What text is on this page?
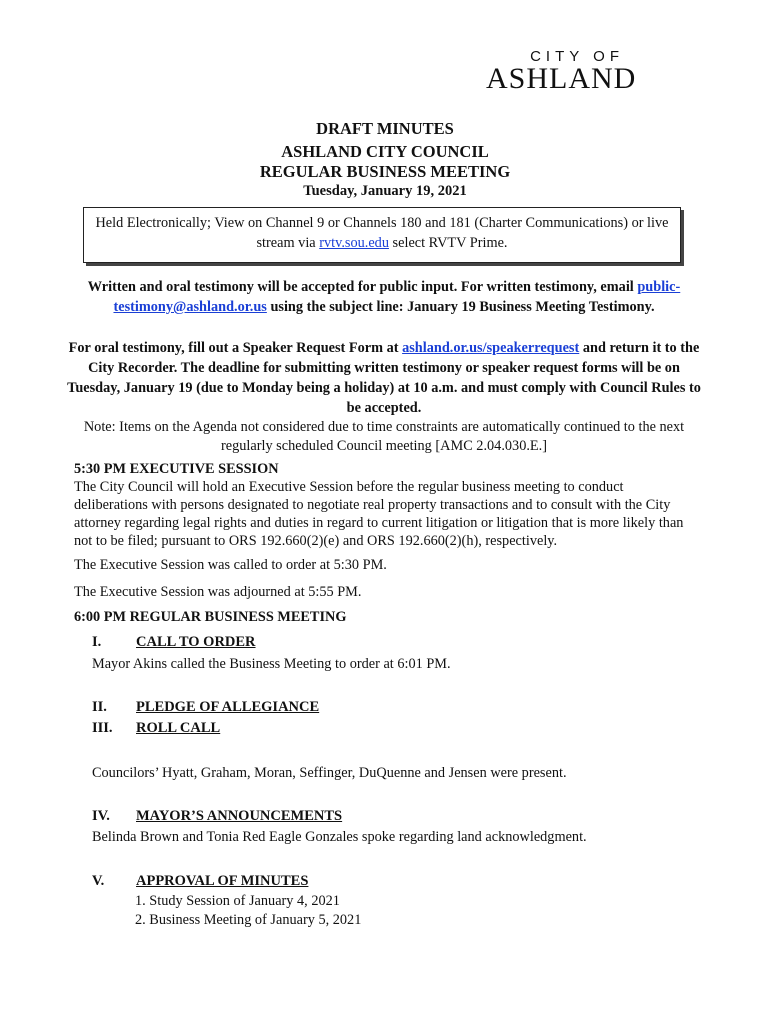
CITY OF
ASHLAND
DRAFT MINUTES
ASHLAND CITY COUNCIL
REGULAR BUSINESS MEETING
Tuesday, January 19, 2021
Held Electronically; View on Channel 9 or Channels 180 and 181 (Charter Communications) or live stream via rvtv.sou.edu select RVTV Prime.
Written and oral testimony will be accepted for public input. For written testimony, email public-testimony@ashland.or.us using the subject line: January 19 Business Meeting Testimony.
For oral testimony, fill out a Speaker Request Form at ashland.or.us/speakerrequest and return it to the City Recorder. The deadline for submitting written testimony or speaker request forms will be on Tuesday, January 19 (due to Monday being a holiday) at 10 a.m. and must comply with Council Rules to be accepted.
Note: Items on the Agenda not considered due to time constraints are automatically continued to the next regularly scheduled Council meeting [AMC 2.04.030.E.]
5:30 PM EXECUTIVE SESSION
The City Council will hold an Executive Session before the regular business meeting to conduct deliberations with persons designated to negotiate real property transactions and to consult with the City attorney regarding legal rights and duties in regard to current litigation or litigation that is more likely than not to be filed; pursuant to ORS 192.660(2)(e) and ORS 192.660(2)(h), respectively.
The Executive Session was called to order at 5:30 PM.
The Executive Session was adjourned at 5:55 PM.
6:00 PM REGULAR BUSINESS MEETING
I. CALL TO ORDER
Mayor Akins called the Business Meeting to order at 6:01 PM.
II. PLEDGE OF ALLEGIANCE
III. ROLL CALL
Councilors’ Hyatt, Graham, Moran, Seffinger, DuQuenne and Jensen were present.
IV. MAYOR’S ANNOUNCEMENTS
Belinda Brown and Tonia Red Eagle Gonzales spoke regarding land acknowledgment.
V. APPROVAL OF MINUTES
1. Study Session of January 4, 2021
2. Business Meeting of January 5, 2021
